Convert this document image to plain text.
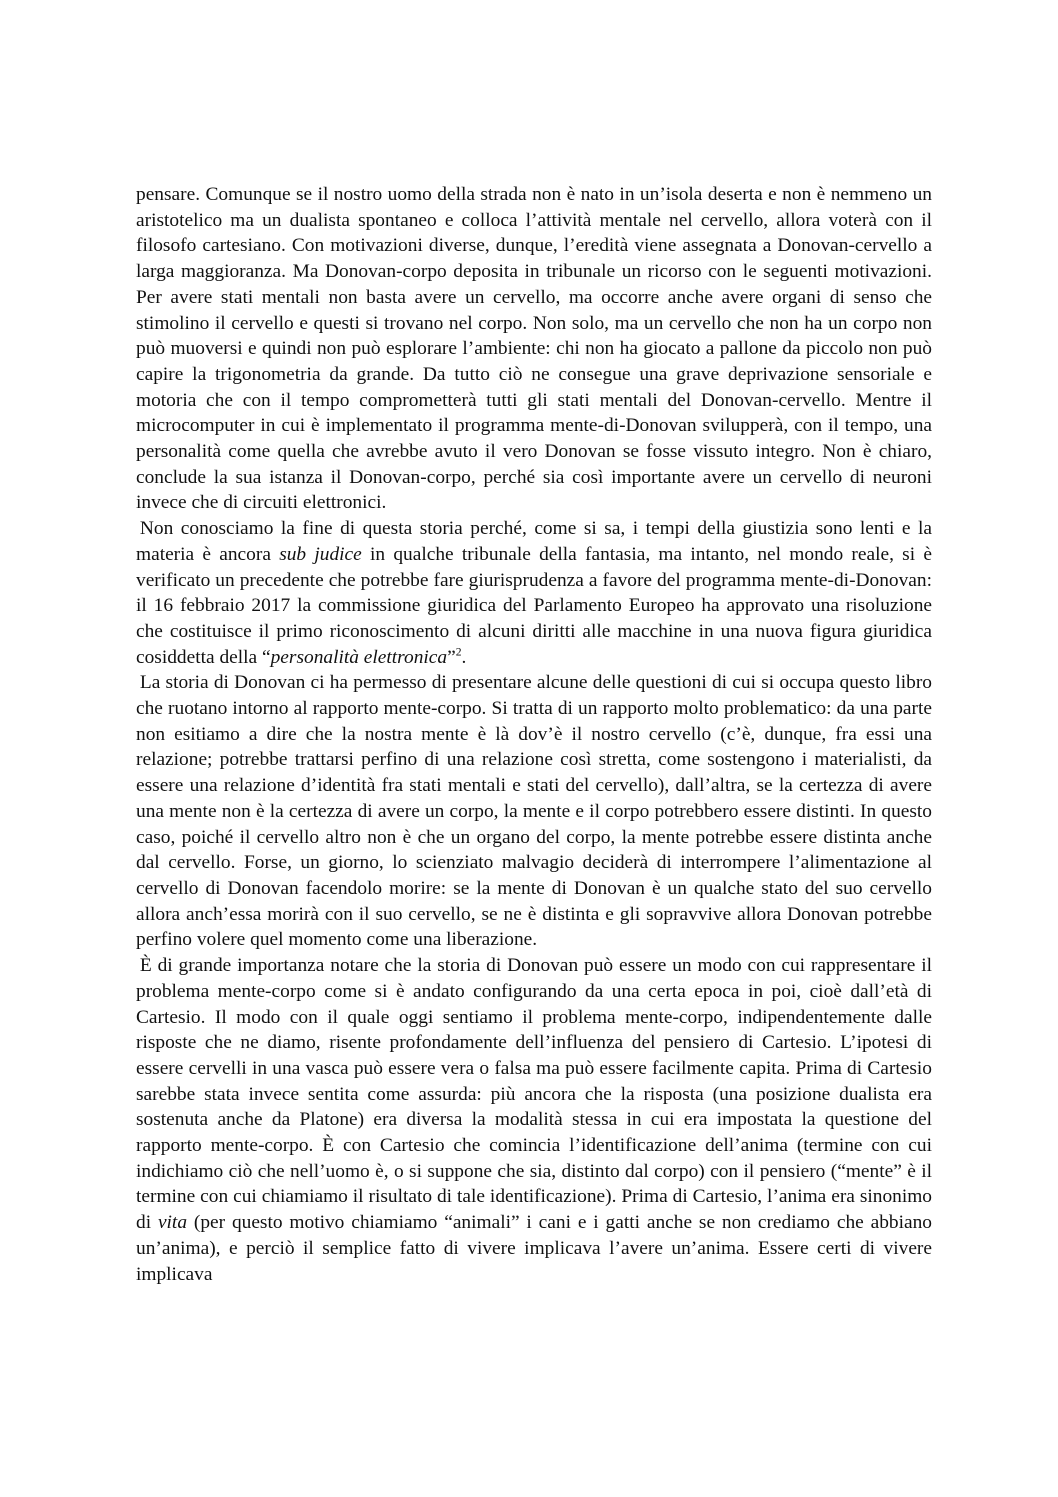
pensare. Comunque se il nostro uomo della strada non è nato in un’isola deserta e non è nemmeno un aristotelico ma un dualista spontaneo e colloca l’attività mentale nel cervello, allora voterà con il filosofo cartesiano. Con motivazioni diverse, dunque, l’eredità viene assegnata a Donovan-cervello a larga maggioranza. Ma Donovan-corpo deposita in tribunale un ricorso con le seguenti motivazioni. Per avere stati mentali non basta avere un cervello, ma occorre anche avere organi di senso che stimolino il cervello e questi si trovano nel corpo. Non solo, ma un cervello che non ha un corpo non può muoversi e quindi non può esplorare l’ambiente: chi non ha giocato a pallone da piccolo non può capire la trigonometria da grande. Da tutto ciò ne consegue una grave deprivazione sensoriale e motoria che con il tempo comprometterà tutti gli stati mentali del Donovan-cervello. Mentre il microcomputer in cui è implementato il programma mente-di-Donovan svilupperà, con il tempo, una personalità come quella che avrebbe avuto il vero Donovan se fosse vissuto integro. Non è chiaro, conclude la sua istanza il Donovan-corpo, perché sia così importante avere un cervello di neuroni invece che di circuiti elettronici.

Non conosciamo la fine di questa storia perché, come si sa, i tempi della giustizia sono lenti e la materia è ancora sub judice in qualche tribunale della fantasia, ma intanto, nel mondo reale, si è verificato un precedente che potrebbe fare giurisprudenza a favore del programma mente-di-Donovan: il 16 febbraio 2017 la commissione giuridica del Parlamento Europeo ha approvato una risoluzione che costituisce il primo riconoscimento di alcuni diritti alle macchine in una nuova figura giuridica cosiddetta della “personalità elettronica”$^2$.

La storia di Donovan ci ha permesso di presentare alcune delle questioni di cui si occupa questo libro che ruotano intorno al rapporto mente-corpo. Si tratta di un rapporto molto problematico: da una parte non esitiamo a dire che la nostra mente è là dov’è il nostro cervello (c’è, dunque, fra essi una relazione; potrebbe trattarsi perfino di una relazione così stretta, come sostengono i materialisti, da essere una relazione d’identità fra stati mentali e stati del cervello), dall’altra, se la certezza di avere una mente non è la certezza di avere un corpo, la mente e il corpo potrebbero essere distinti. In questo caso, poiché il cervello altro non è che un organo del corpo, la mente potrebbe essere distinta anche dal cervello. Forse, un giorno, lo scienziato malvagio deciderà di interrompere l’alimentazione al cervello di Donovan facendolo morire: se la mente di Donovan è un qualche stato del suo cervello allora anch’essa morirà con il suo cervello, se ne è distinta e gli sopravvive allora Donovan potrebbe perfino volere quel momento come una liberazione.

È di grande importanza notare che la storia di Donovan può essere un modo con cui rappresentare il problema mente-corpo come si è andato configurando da una certa epoca in poi, cioè dall’età di Cartesio. Il modo con il quale oggi sentiamo il problema mente-corpo, indipendentemente dalle risposte che ne diamo, risente profondamente dell’influenza del pensiero di Cartesio. L’ipotesi di essere cervelli in una vasca può essere vera o falsa ma può essere facilmente capita. Prima di Cartesio sarebbe stata invece sentita come assurda: più ancora che la risposta (una posizione dualista era sostenuta anche da Platone) era diversa la modalità stessa in cui era impostata la questione del rapporto mente-corpo. È con Cartesio che comincia l’identificazione dell’anima (termine con cui indichiamo ciò che nell’uomo è, o si suppone che sia, distinto dal corpo) con il pensiero (“mente” è il termine con cui chiamiamo il risultato di tale identificazione). Prima di Cartesio, l’anima era sinonimo di vita (per questo motivo chiamiamo “animali” i cani e i gatti anche se non crediamo che abbiano un’anima), e perciò il semplice fatto di vivere implicava l’avere un’anima. Essere certi di vivere implicava
